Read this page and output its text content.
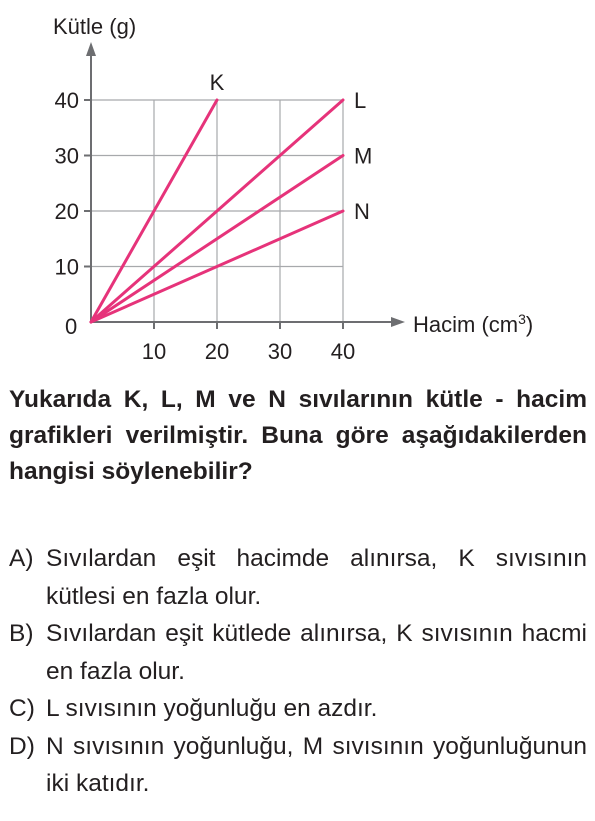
Kütle (g)
Hacim $(cm^3)$
0
10
20
30
40
10 20 30 40
K
L
M
N
Yukarıda K, L, M ve N sıvılarının kütle - hacim grafikleri verilmiştir. Buna göre aşağıdakilerden hangisi söylenebilir?
A) Sıvılardan eşit hacimde alınırsa, K sıvısının kütlesi en fazla olur.
B) Sıvılardan eşit kütlede alınırsa, K sıvısının hacmi en fazla olur.
C) L sıvısının yoğunluğu en azdır.
D) N sıvısının yoğunluğu, M sıvısının yoğunluğunun iki katıdır.
